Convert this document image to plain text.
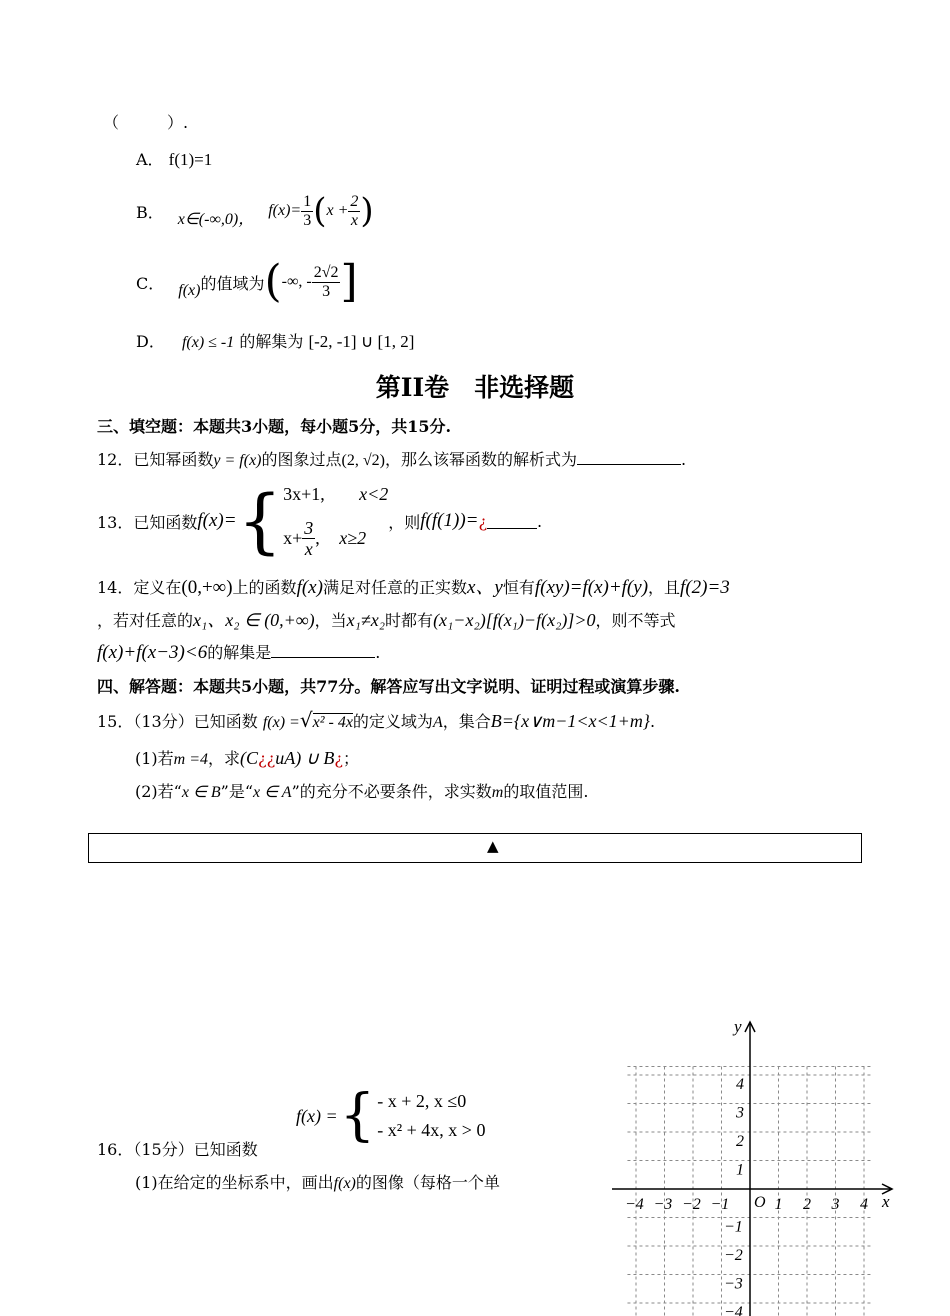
（　　　）.
A． f(1)=1
B． x∈(-∞,0)， $f(x)= \frac{1}{3}$ ( $x + \frac{2}{x}$ )
C． f(x) 的值域为 ( -∞, - $\frac{2√2}{3}$ ]
D． f(x) ≤ -1 的解集为 [-2, -1] ∪ [1, 2]
第II卷　非选择题
三、填空题：本题共3小题，每小题5分，共15分.
12．已知幂函数y = f(x)的图象过点(2, √2)，那么该幂函数的解析式为	.
13． 已知函数 f(x)= { 3x+1,	x<2
$x+ \frac{3}{x}$ ,	x≥2
，则 f(f(1))= ¿	.
14．定义在(0,+∞)上的函数f(x)满足对任意的正实数x、y恒有f(xy)=f(x)+f(y)，且f(2)=3
，若对任意的x₁、x₂ ∈ (0,+∞)，当x₁≠x₂时都有(x₁−x₂)[f(x₁)−f(x₂)]>0，则不等式
f(x)+f(x−3)<6的解集是	.
四、解答题：本题共5小题，共77分。解答应写出文字说明、证明过程或演算步骤.
15．（13分）已知函数 f(x) =√x² - 4x的定义域为A，集合B={x∨m−1<x<1+m}.
(1)若m =4，求(C¿¿uA) ∪ B¿；
(2)若“x ∈ B”是“x ∈ A”的充分不必要条件，求实数m的取值范围.
▲
f(x) = { - x + 2, x ≤0
- x² + 4x, x > 0
16．（15分）已知函数
(1)在给定的坐标系中，画出f(x)的图像（每格一个单
−4 −3 −2 −1	1 2 3 4
4
3
2
1
−1
−2
−3
−4
x
y
O
